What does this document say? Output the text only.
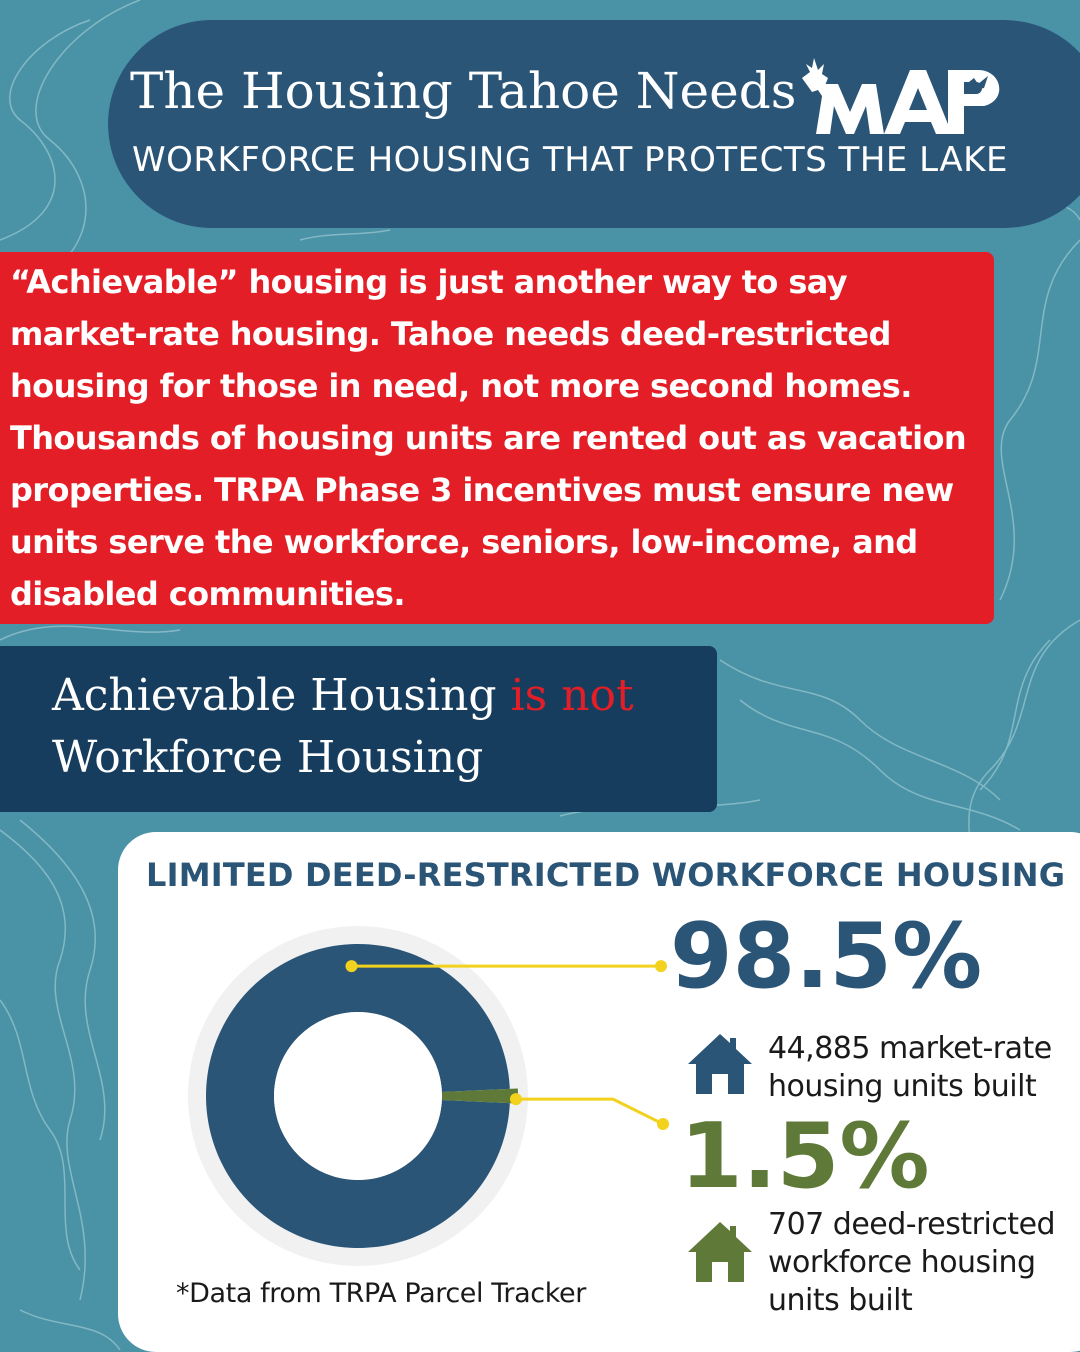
The Housing Tahoe Needs
WORKFORCE HOUSING THAT PROTECTS THE LAKE
MAP

“Achievable” housing is just another way to say market-rate housing. Tahoe needs deed-restricted housing for those in need, not more second homes. Thousands of housing units are rented out as vacation properties. TRPA Phase 3 incentives must ensure new units serve the workforce, seniors, low-income, and disabled communities.

Achievable Housing is not

Workforce Housing

LIMITED DEED-RESTRICTED WORKFORCE HOUSING
98.5%
1.5%

44,885 market-rate housing units built

707 deed-restricted workforce housing units built

*Data from TRPA Parcel Tracker
